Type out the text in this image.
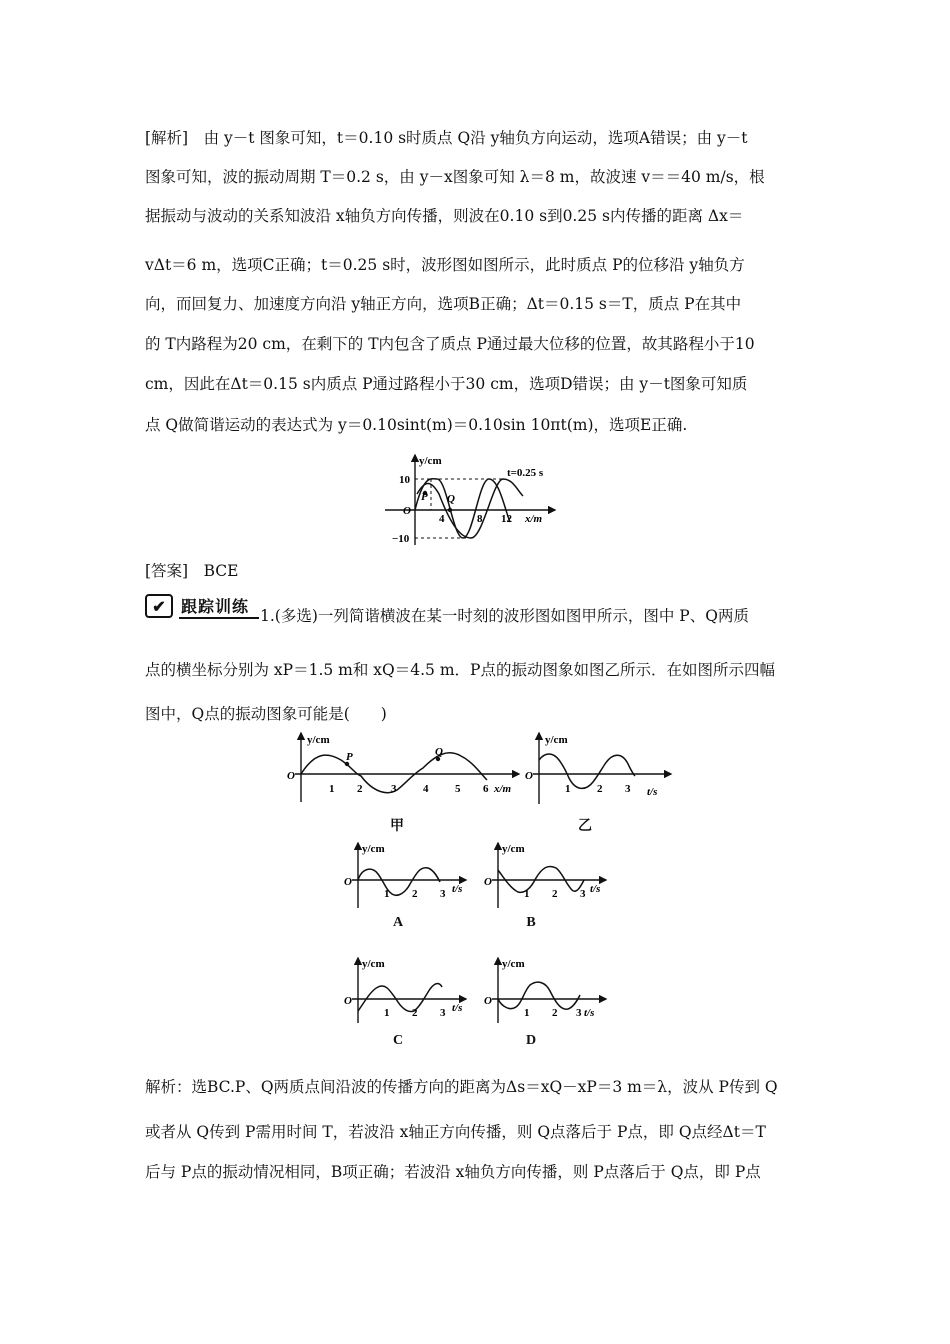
[解析]　由 y－t 图象可知，t＝0.10 s时质点 Q沿 y轴负方向运动，选项A错误；由 y－t
图象可知，波的振动周期 T＝0.2 s，由 y－x图象可知 λ＝8 m，故波速 v＝＝40 m/s，根
据振动与波动的关系知波沿 x轴负方向传播，则波在0.10 s到0.25 s内传播的距离 Δx＝
vΔt＝6 m，选项C正确；t＝0.25 s时，波形图如图所示，此时质点 P的位移沿 y轴负方
向，而回复力、加速度方向沿 y轴正方向，选项B正确；Δt＝0.15 s＝T，质点 P在其中
的 T内路程为20 cm，在剩下的 T内包含了质点 P通过最大位移的位置，故其路程小于10
cm，因此在Δt＝0.15 s内质点 P通过路程小于30 cm，选项D错误；由 y－t图象可知质
点 Q做简谐运动的表达式为 y＝0.10sint(m)＝0.10sin 10πt(m)，选项E正确.
y/cm
t=0.25 s
10
−10
O
P Q
4	8 12 x/m
[答案]　BCE
✔ 跟踪训练
1.(多选)一列简谐横波在某一时刻的波形图如图甲所示，图中 P、Q两质
点的横坐标分别为 xP＝1.5 m和 xQ＝4.5 m．P点的振动图象如图乙所示．在如图所示四幅
图中，Q点的振动图象可能是(　　)
y/cm
O
P	Q
1 2	3 4 5 6 x/m
甲
y/cm
O
1 2 3 t/s
乙
y/cm
O
1 2 3 t/s
A
y/cm
O
1 2 3 t/s
B
y/cm
O
1 2 3 t/s
C
y/cm
O
1 2 3 t/s
D
解析：选BC.P、Q两质点间沿波的传播方向的距离为Δs＝xQ－xP＝3 m＝λ，波从 P传到 Q
或者从 Q传到 P需用时间 T，若波沿 x轴正方向传播，则 Q点落后于 P点，即 Q点经Δt＝T
后与 P点的振动情况相同，B项正确；若波沿 x轴负方向传播，则 P点落后于 Q点，即 P点
